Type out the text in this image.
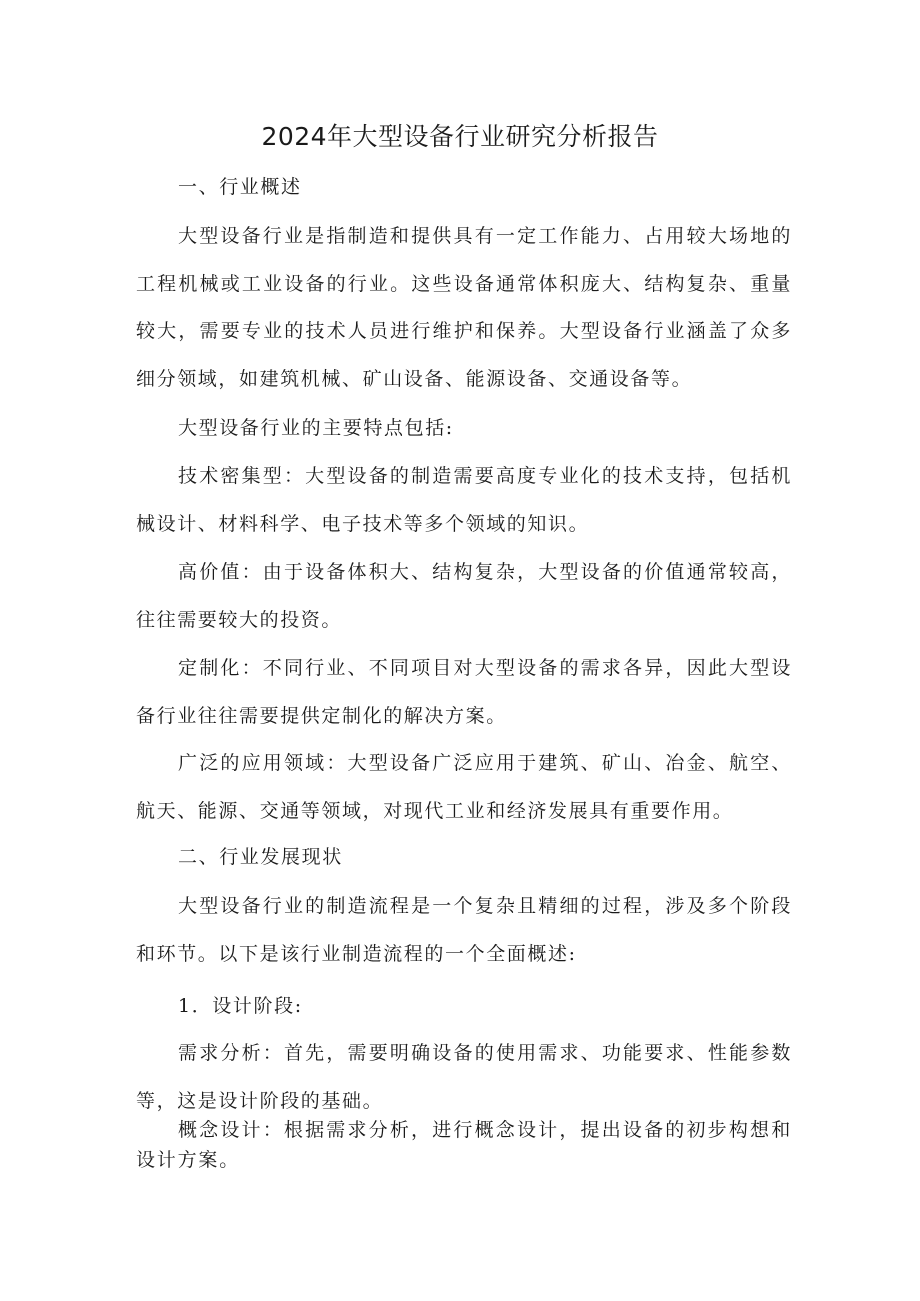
2024年大型设备行业研究分析报告

一、行业概述

大型设备行业是指制造和提供具有一定工作能力、占用较大场地的工程机械或工业设备的行业。这些设备通常体积庞大、结构复杂、重量较大，需要专业的技术人员进行维护和保养。大型设备行业涵盖了众多细分领域，如建筑机械、矿山设备、能源设备、交通设备等。

大型设备行业的主要特点包括:

技术密集型：大型设备的制造需要高度专业化的技术支持，包括机械设计、材料科学、电子技术等多个领域的知识。

高价值：由于设备体积大、结构复杂，大型设备的价值通常较高，往往需要较大的投资。

定制化：不同行业、不同项目对大型设备的需求各异，因此大型设备行业往往需要提供定制化的解决方案。

广泛的应用领域：大型设备广泛应用于建筑、矿山、冶金、航空、航天、能源、交通等领域，对现代工业和经济发展具有重要作用。

二、行业发展现状

大型设备行业的制造流程是一个复杂且精细的过程，涉及多个阶段和环节。以下是该行业制造流程的一个全面概述:

1．设计阶段:

需求分析：首先，需要明确设备的使用需求、功能要求、性能参数等，这是设计阶段的基础。

概念设计：根据需求分析，进行概念设计，提出设备的初步构想和设计方案。
